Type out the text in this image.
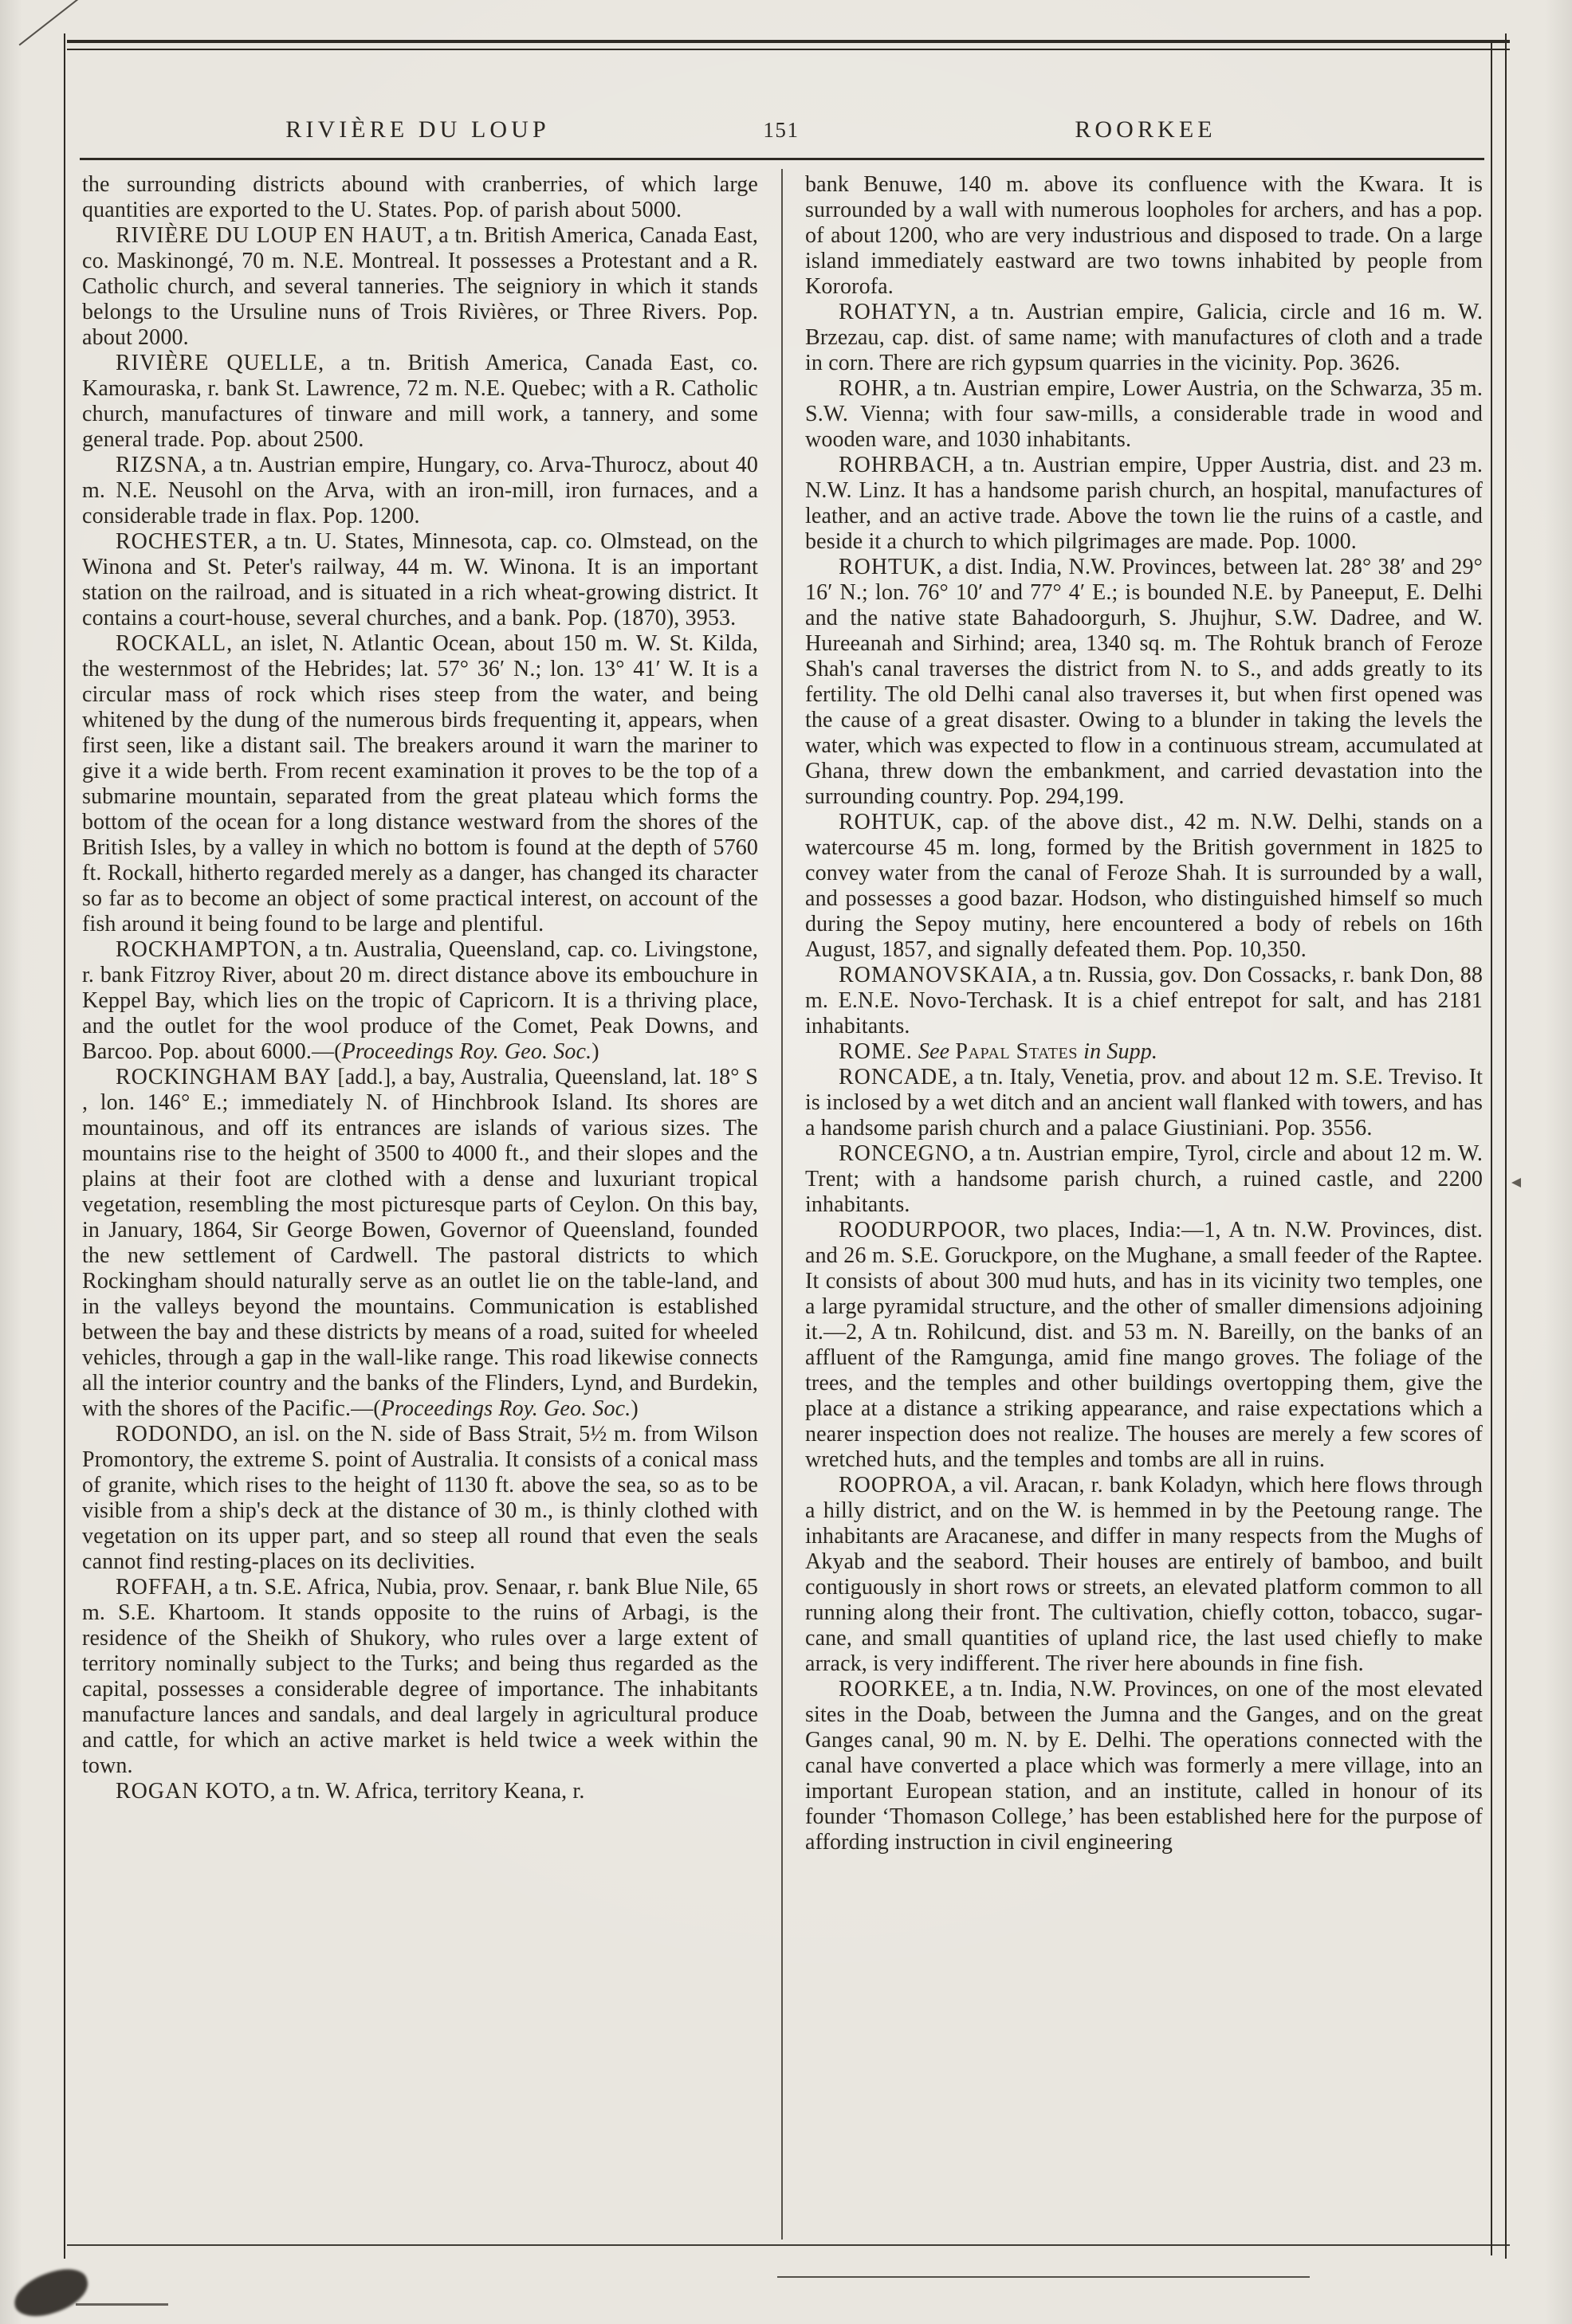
RIVIÈRE DU LOUP	151	ROORKEE

the surrounding districts abound with cranberries, of which large quantities are exported to the U. States. Pop. of parish about 5000.

RIVIÈRE DU LOUP EN HAUT, a tn. British America, Canada East, co. Maskinongé, 70 m. N.E. Montreal. It possesses a Protestant and a R. Catholic church, and several tanneries. The seigniory in which it stands belongs to the Ursuline nuns of Trois Rivières, or Three Rivers. Pop. about 2000.

RIVIÈRE QUELLE, a tn. British America, Canada East, co. Kamouraska, r. bank St. Lawrence, 72 m. N.E. Quebec; with a R. Catholic church, manufactures of tinware and mill work, a tannery, and some general trade. Pop. about 2500.

RIZSNA, a tn. Austrian empire, Hungary, co. Arva-Thurocz, about 40 m. N.E. Neusohl on the Arva, with an iron-mill, iron furnaces, and a considerable trade in flax. Pop. 1200.

ROCHESTER, a tn. U. States, Minnesota, cap. co. Olmstead, on the Winona and St. Peter's railway, 44 m. W. Winona. It is an important station on the railroad, and is situated in a rich wheat-growing district. It contains a court-house, several churches, and a bank. Pop. (1870), 3953.

ROCKALL, an islet, N. Atlantic Ocean, about 150 m. W. St. Kilda, the westernmost of the Hebrides; lat. 57° 36′ N.; lon. 13° 41′ W. It is a circular mass of rock which rises steep from the water, and being whitened by the dung of the numerous birds frequenting it, appears, when first seen, like a distant sail. The breakers around it warn the mariner to give it a wide berth. From recent examination it proves to be the top of a submarine mountain, separated from the great plateau which forms the bottom of the ocean for a long distance westward from the shores of the British Isles, by a valley in which no bottom is found at the depth of 5760 ft. Rockall, hitherto regarded merely as a danger, has changed its character so far as to become an object of some practical interest, on account of the fish around it being found to be large and plentiful.

ROCKHAMPTON, a tn. Australia, Queensland, cap. co. Livingstone, r. bank Fitzroy River, about 20 m. direct distance above its embouchure in Keppel Bay, which lies on the tropic of Capricorn. It is a thriving place, and the outlet for the wool produce of the Comet, Peak Downs, and Barcoo. Pop. about 6000.—(Proceedings Roy. Geo. Soc.)

ROCKINGHAM BAY [add.], a bay, Australia, Queensland, lat. 18° S , lon. 146° E.; immediately N. of Hinchbrook Island. Its shores are mountainous, and off its entrances are islands of various sizes. The mountains rise to the height of 3500 to 4000 ft., and their slopes and the plains at their foot are clothed with a dense and luxuriant tropical vegetation, resembling the most picturesque parts of Ceylon. On this bay, in January, 1864, Sir George Bowen, Governor of Queensland, founded the new settlement of Cardwell. The pastoral districts to which Rockingham should naturally serve as an outlet lie on the table-land, and in the valleys beyond the mountains. Communication is established between the bay and these districts by means of a road, suited for wheeled vehicles, through a gap in the wall-like range. This road likewise connects all the interior country and the banks of the Flinders, Lynd, and Burdekin, with the shores of the Pacific.—(Proceedings Roy. Geo. Soc.)

RODONDO, an isl. on the N. side of Bass Strait, 5½ m. from Wilson Promontory, the extreme S. point of Australia. It consists of a conical mass of granite, which rises to the height of 1130 ft. above the sea, so as to be visible from a ship's deck at the distance of 30 m., is thinly clothed with vegetation on its upper part, and so steep all round that even the seals cannot find resting-places on its declivities.

ROFFAH, a tn. S.E. Africa, Nubia, prov. Senaar, r. bank Blue Nile, 65 m. S.E. Khartoom. It stands opposite to the ruins of Arbagi, is the residence of the Sheikh of Shukory, who rules over a large extent of territory nominally subject to the Turks; and being thus regarded as the capital, possesses a considerable degree of importance. The inhabitants manufacture lances and sandals, and deal largely in agricultural produce and cattle, for which an active market is held twice a week within the town.

ROGAN KOTO, a tn. W. Africa, territory Keana, r.

bank Benuwe, 140 m. above its confluence with the Kwara. It is surrounded by a wall with numerous loopholes for archers, and has a pop. of about 1200, who are very industrious and disposed to trade. On a large island immediately eastward are two towns inhabited by people from Kororofa.

ROHATYN, a tn. Austrian empire, Galicia, circle and 16 m. W. Brzezau, cap. dist. of same name; with manufactures of cloth and a trade in corn. There are rich gypsum quarries in the vicinity. Pop. 3626.

ROHR, a tn. Austrian empire, Lower Austria, on the Schwarza, 35 m. S.W. Vienna; with four saw-mills, a considerable trade in wood and wooden ware, and 1030 inhabitants.

ROHRBACH, a tn. Austrian empire, Upper Austria, dist. and 23 m. N.W. Linz. It has a handsome parish church, an hospital, manufactures of leather, and an active trade. Above the town lie the ruins of a castle, and beside it a church to which pilgrimages are made. Pop. 1000.

ROHTUK, a dist. India, N.W. Provinces, between lat. 28° 38′ and 29° 16′ N.; lon. 76° 10′ and 77° 4′ E.; is bounded N.E. by Paneeput, E. Delhi and the native state Bahadoorgurh, S. Jhujhur, S.W. Dadree, and W. Hureeanah and Sirhind; area, 1340 sq. m. The Rohtuk branch of Feroze Shah's canal traverses the district from N. to S., and adds greatly to its fertility. The old Delhi canal also traverses it, but when first opened was the cause of a great disaster. Owing to a blunder in taking the levels the water, which was expected to flow in a continuous stream, accumulated at Ghana, threw down the embankment, and carried devastation into the surrounding country. Pop. 294,199.

ROHTUK, cap. of the above dist., 42 m. N.W. Delhi, stands on a watercourse 45 m. long, formed by the British government in 1825 to convey water from the canal of Feroze Shah. It is surrounded by a wall, and possesses a good bazar. Hodson, who distinguished himself so much during the Sepoy mutiny, here encountered a body of rebels on 16th August, 1857, and signally defeated them. Pop. 10,350.

ROMANOVSKAIA, a tn. Russia, gov. Don Cossacks, r. bank Don, 88 m. E.N.E. Novo-Terchask. It is a chief entrepot for salt, and has 2181 inhabitants.

ROME. See Papal States in Supp.

RONCADE, a tn. Italy, Venetia, prov. and about 12 m. S.E. Treviso. It is inclosed by a wet ditch and an ancient wall flanked with towers, and has a handsome parish church and a palace Giustiniani. Pop. 3556.

RONCEGNO, a tn. Austrian empire, Tyrol, circle and about 12 m. W. Trent; with a handsome parish church, a ruined castle, and 2200 inhabitants.

ROODURPOOR, two places, India:—1, A tn. N.W. Provinces, dist. and 26 m. S.E. Goruckpore, on the Mughane, a small feeder of the Raptee. It consists of about 300 mud huts, and has in its vicinity two temples, one a large pyramidal structure, and the other of smaller dimensions adjoining it.—2, A tn. Rohilcund, dist. and 53 m. N. Bareilly, on the banks of an affluent of the Ramgunga, amid fine mango groves. The foliage of the trees, and the temples and other buildings overtopping them, give the place at a distance a striking appearance, and raise expectations which a nearer inspection does not realize. The houses are merely a few scores of wretched huts, and the temples and tombs are all in ruins.

ROOPROA, a vil. Aracan, r. bank Koladyn, which here flows through a hilly district, and on the W. is hemmed in by the Peetoung range. The inhabitants are Aracanese, and differ in many respects from the Mughs of Akyab and the seabord. Their houses are entirely of bamboo, and built contiguously in short rows or streets, an elevated platform common to all running along their front. The cultivation, chiefly cotton, tobacco, sugar-cane, and small quantities of upland rice, the last used chiefly to make arrack, is very indifferent. The river here abounds in fine fish.

ROORKEE, a tn. India, N.W. Provinces, on one of the most elevated sites in the Doab, between the Jumna and the Ganges, and on the great Ganges canal, 90 m. N. by E. Delhi. The operations connected with the canal have converted a place which was formerly a mere village, into an important European station, and an institute, called in honour of its founder ‘Thomason College,’ has been established here for the purpose of affording instruction in civil engineering
